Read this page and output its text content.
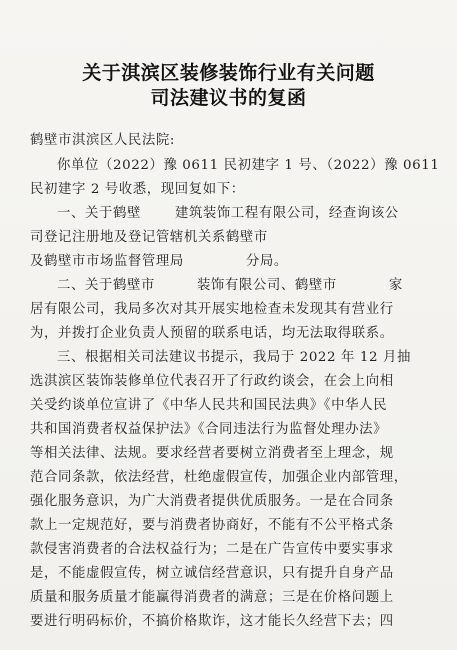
关于淇滨区装修装饰行业有关问题
司法建议书的复函
鹤壁市淇滨区人民法院:
你单位（2022）豫 0611 民初建字 1 号、（2022）豫 0611
民初建字 2 号收悉，现回复如下：
一、关于鹤壁	建筑装饰工程有限公司，经查询该公
司登记注册地及登记管辖机关系鹤壁市
及鹤壁市市场监督管理局	分局。
二、关于鹤壁市	装饰有限公司、鹤壁市	家
居有限公司，我局多次对其开展实地检查未发现其有营业行
为，并拨打企业负责人预留的联系电话，均无法取得联系。
三、根据相关司法建议书提示，我局于 2022 年 12 月抽
选淇滨区装饰装修单位代表召开了行政约谈会，在会上向相
关受约谈单位宣讲了《中华人民共和国民法典》《中华人民
共和国消费者权益保护法》《合同违法行为监督处理办法》
等相关法律、法规。要求经营者要树立消费者至上理念，规
范合同条款，依法经营，杜绝虚假宣传，加强企业内部管理，
强化服务意识，为广大消费者提供优质服务。一是在合同条
款上一定规范好，要与消费者协商好，不能有不公平格式条
款侵害消费者的合法权益行为；二是在广告宣传中要实事求
是，不能虚假宣传，树立诚信经营意识，只有提升自身产品
质量和服务质量才能赢得消费者的满意；三是在价格问题上
要进行明码标价，不搞价格欺诈，这才能长久经营下去；四
